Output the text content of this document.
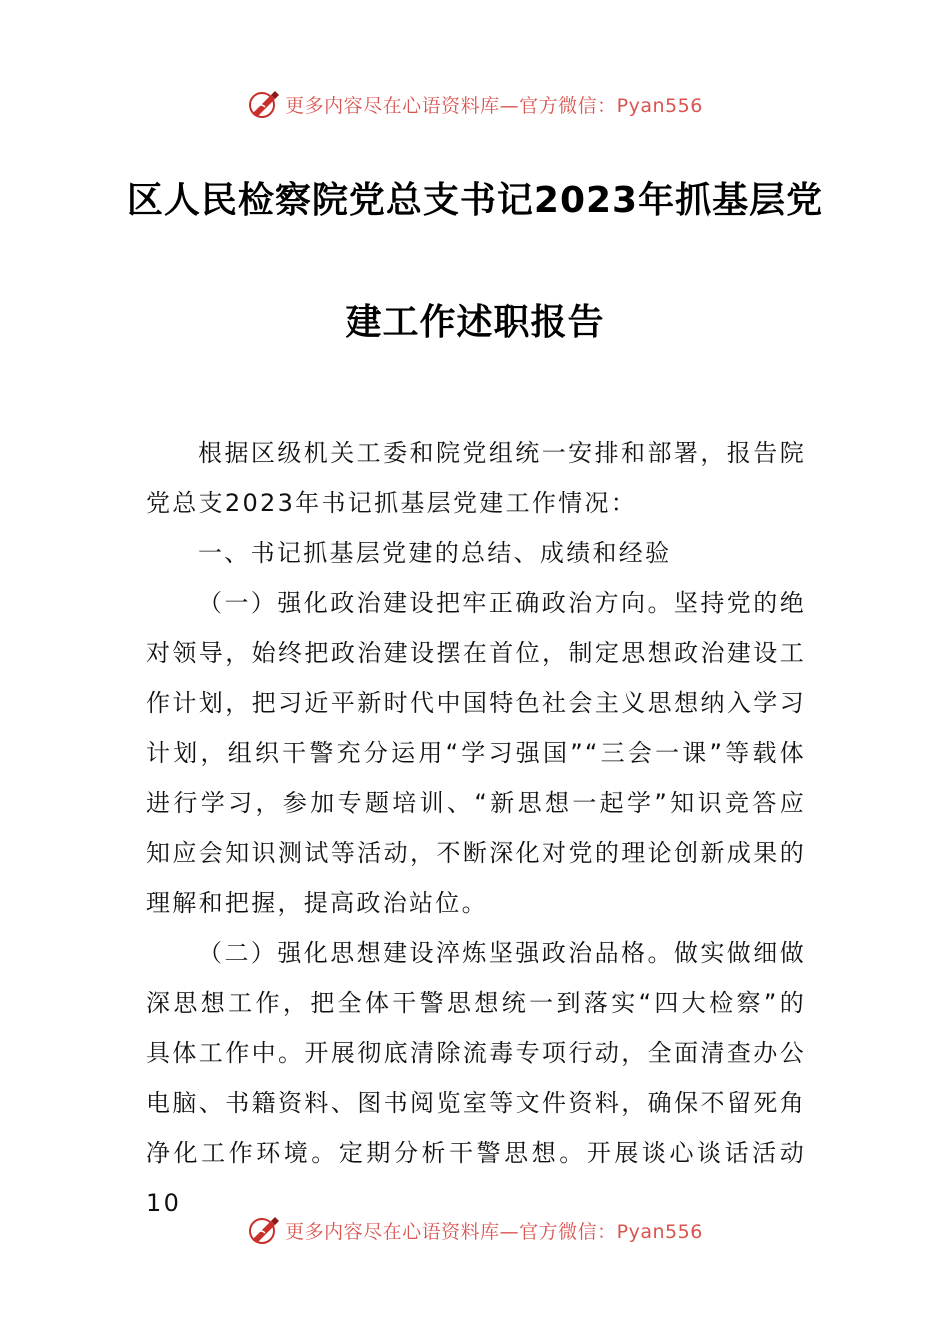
更多内容尽在心语资料库—官方微信：Pyan556
区人民检察院党总支书记2023年抓基层党
建工作述职报告

根据区级机关工委和院党组统一安排和部署，报告院党总支2023年书记抓基层党建工作情况：

一、书记抓基层党建的总结、成绩和经验

（一）强化政治建设把牢正确政治方向。坚持党的绝对领导，始终把政治建设摆在首位，制定思想政治建设工作计划，把习近平新时代中国特色社会主义思想纳入学习计划，组织干警充分运用“学习强国”“三会一课”等载体进行学习，参加专题培训、“新思想一起学”知识竞答应知应会知识测试等活动，不断深化对党的理论创新成果的理解和把握，提高政治站位。

（二）强化思想建设淬炼坚强政治品格。做实做细做深思想工作，把全体干警思想统一到落实“四大检察”的具体工作中。开展彻底清除流毒专项行动，全面清查办公电脑、书籍资料、图书阅览室等文件资料，确保不留死角净化工作环境。定期分析干警思想。开展谈心谈话活动10

更多内容尽在心语资料库—官方微信：Pyan556
